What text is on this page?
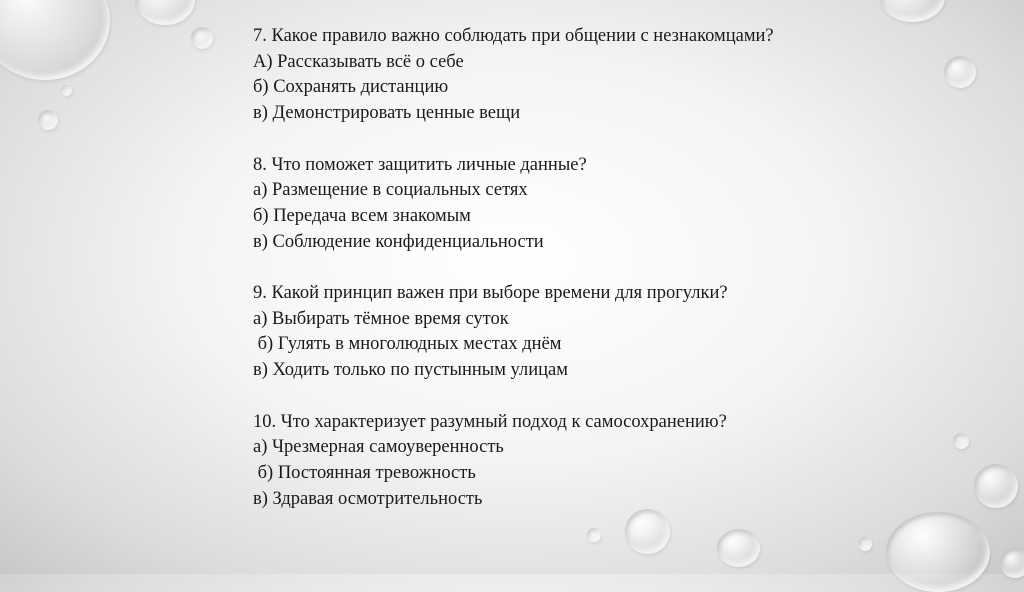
7. Какое правило важно соблюдать при общении с незнакомцами?
А) Рассказывать всё о себе
б) Сохранять дистанцию
в) Демонстрировать ценные вещи
8. Что поможет защитить личные данные?
а) Размещение в социальных сетях
б) Передача всем знакомым
в) Соблюдение конфиденциальности
9. Какой принцип важен при выборе времени для прогулки?
а) Выбирать тёмное время суток
б) Гулять в многолюдных местах днём
в) Ходить только по пустынным улицам
10. Что характеризует разумный подход к самосохранению?
а) Чрезмерная самоуверенность
б) Постоянная тревожность
в) Здравая осмотрительность
